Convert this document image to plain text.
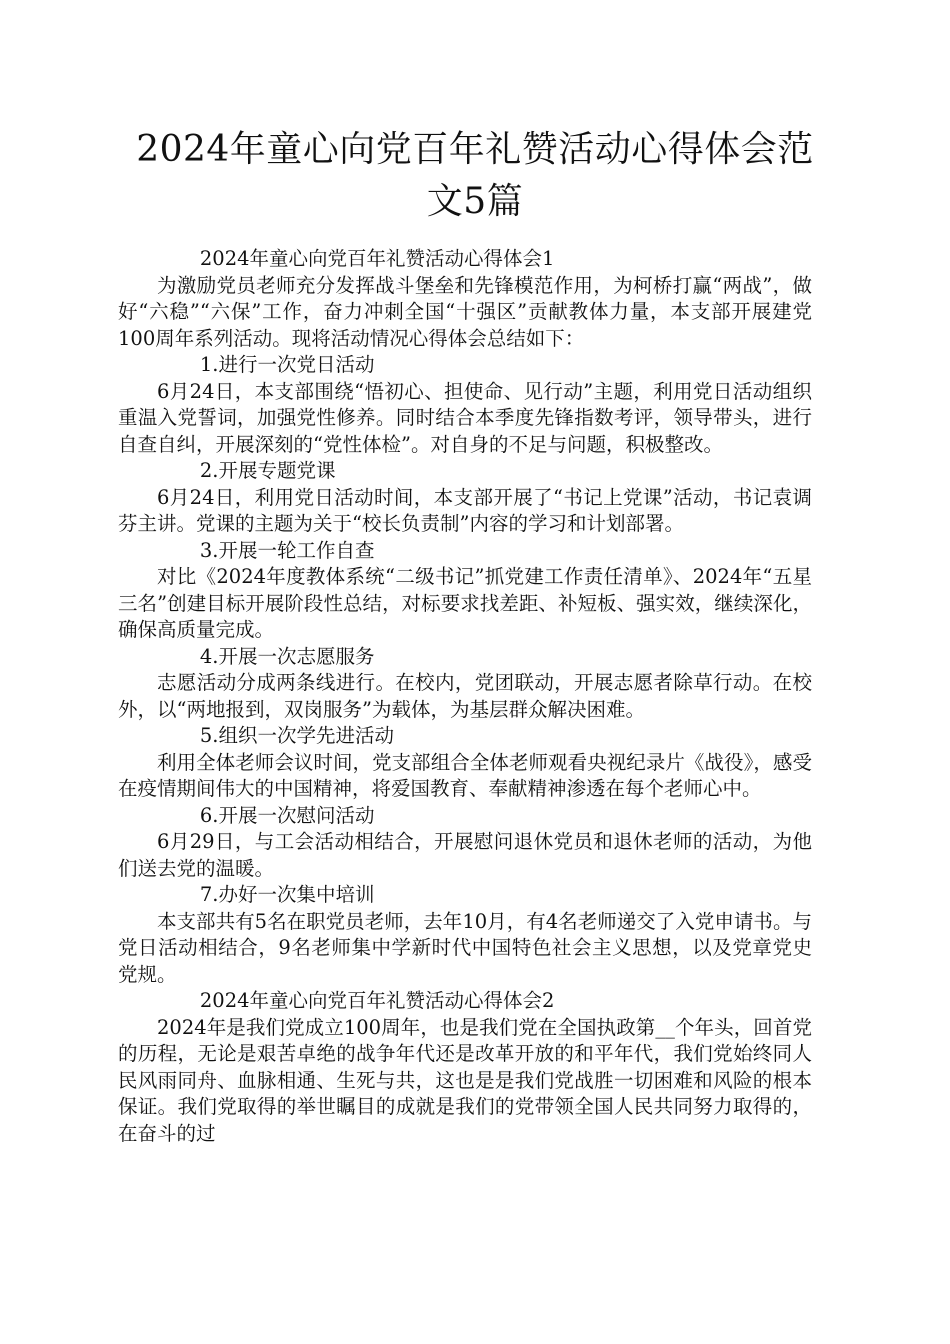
2024年童心向党百年礼赞活动心得体会范文5篇

2024年童心向党百年礼赞活动心得体会1

为激励党员老师充分发挥战斗堡垒和先锋模范作用，为柯桥打赢“两战”，做好“六稳”“六保”工作，奋力冲刺全国“十强区”贡献教体力量，本支部开展建党100周年系列活动。现将活动情况心得体会总结如下：

1.进行一次党日活动

6月24日，本支部围绕“悟初心、担使命、见行动”主题，利用党日活动组织重温入党誓词，加强党性修养。同时结合本季度先锋指数考评，领导带头，进行自查自纠，开展深刻的“党性体检”。对自身的不足与问题，积极整改。

2.开展专题党课

6月24日，利用党日活动时间，本支部开展了“书记上党课”活动，书记袁调芬主讲。党课的主题为关于“校长负责制”内容的学习和计划部署。

3.开展一轮工作自查

对比《2024年度教体系统“二级书记”抓党建工作责任清单》、2024年“五星三名”创建目标开展阶段性总结，对标要求找差距、补短板、强实效，继续深化，确保高质量完成。

4.开展一次志愿服务

志愿活动分成两条线进行。在校内，党团联动，开展志愿者除草行动。在校外，以“两地报到，双岗服务”为载体，为基层群众解决困难。

5.组织一次学先进活动

利用全体老师会议时间，党支部组合全体老师观看央视纪录片《战役》，感受在疫情期间伟大的中国精神，将爱国教育、奉献精神渗透在每个老师心中。

6.开展一次慰问活动

6月29日，与工会活动相结合，开展慰问退休党员和退休老师的活动，为他们送去党的温暖。

7.办好一次集中培训

本支部共有5名在职党员老师，去年10月，有4名老师递交了入党申请书。与党日活动相结合，9名老师集中学新时代中国特色社会主义思想，以及党章党史党规。

2024年童心向党百年礼赞活动心得体会2

2024年是我们党成立100周年，也是我们党在全国执政第__个年头，回首党的历程，无论是艰苦卓绝的战争年代还是改革开放的和平年代，我们党始终同人民风雨同舟、血脉相通、生死与共，这也是是我们党战胜一切困难和风险的根本保证。我们党取得的举世瞩目的成就是我们的党带领全国人民共同努力取得的，在奋斗的过
